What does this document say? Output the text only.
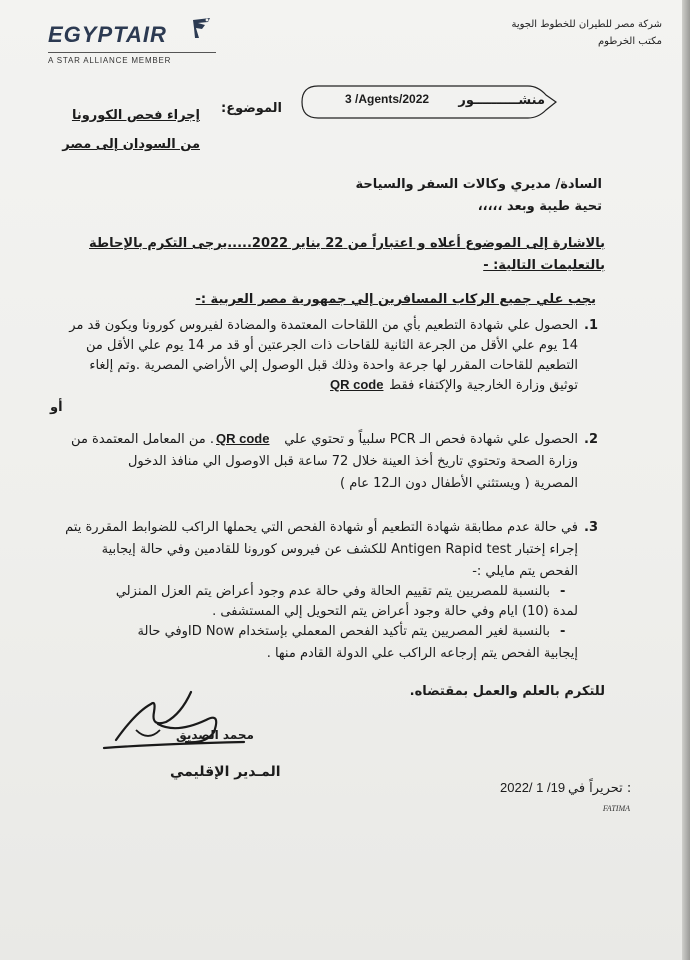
EGYPTAIR
A STAR ALLIANCE MEMBER
شركة مصر للطيران للخطوط الجوية
مكتب الخرطوم
منشــــــــــور
3 /Agents/2022
الموضوع:
إجراء فحص الكورونا
من السودان إلى مصر
السادة/ مديري وكالات السفر والسياحة
تحية طيبة وبعد ،،،،،
بالاشارة إلى الموضوع أعلاه و اعتباراً من 22 يناير 2022.....يرجى التكرم بالإحاطة
بالتعليمات التالية: -
يجب علي جميع الركاب المسافرين إلي جمهورية مصر العربية :-
.1
الحصول علي شهادة التطعيم بأي من اللقاحات المعتمدة والمضادة لفيروس كورونا ويكون قد مر
14 يوم علي الأقل من الجرعة الثانية للقاحات ذات الجرعتين أو قد مر 14 يوم علي الأقل من
التطعيم للقاحات المقرر لها جرعة واحدة وذلك قبل الوصول إلي الأراضي المصرية .وتم إلغاء
توثيق وزارة الخارجية والإكتفاء فقط
QR code
أو
.2
الحصول علي شهادة فحص الـ PCR سلبياً و تحتوي علي
QR code
. من المعامل المعتمدة من
وزارة الصحة وتحتوي تاريخ أخذ العينة خلال 72 ساعة قبل الاوصول الي منافذ الدخول
المصرية ( ويستثني الأطفال دون الـ12 عام )
.3
في حالة عدم مطابقة شهادة التطعيم أو شهادة الفحص التي يحملها الراكب للضوابط المقررة يتم
إجراء إختبار Antigen Rapid test للكشف عن فيروس كورونا للقادمين وفي حالة إيجابية
الفحص يتم مايلي :-
-
بالنسبة للمصريين يتم تقييم الحالة وفي حالة عدم وجود أعراض يتم العزل المنزلي
لمدة (10) ايام وفي حالة وجود أعراض يتم التحويل إلي المستشفى .
-
بالنسبة لغير المصريين يتم تأكيد الفحص المعملي بإستخدام ID Nowوفي حالة
إيجابية الفحص يتم إرجاعه الراكب علي الدولة القادم منها .
للتكرم بالعلم والعمل بمقتضاه.
محمد الصديق
المـدير الإقليمي
تحريراً في :
2022/ 1 /19
FATIMA
